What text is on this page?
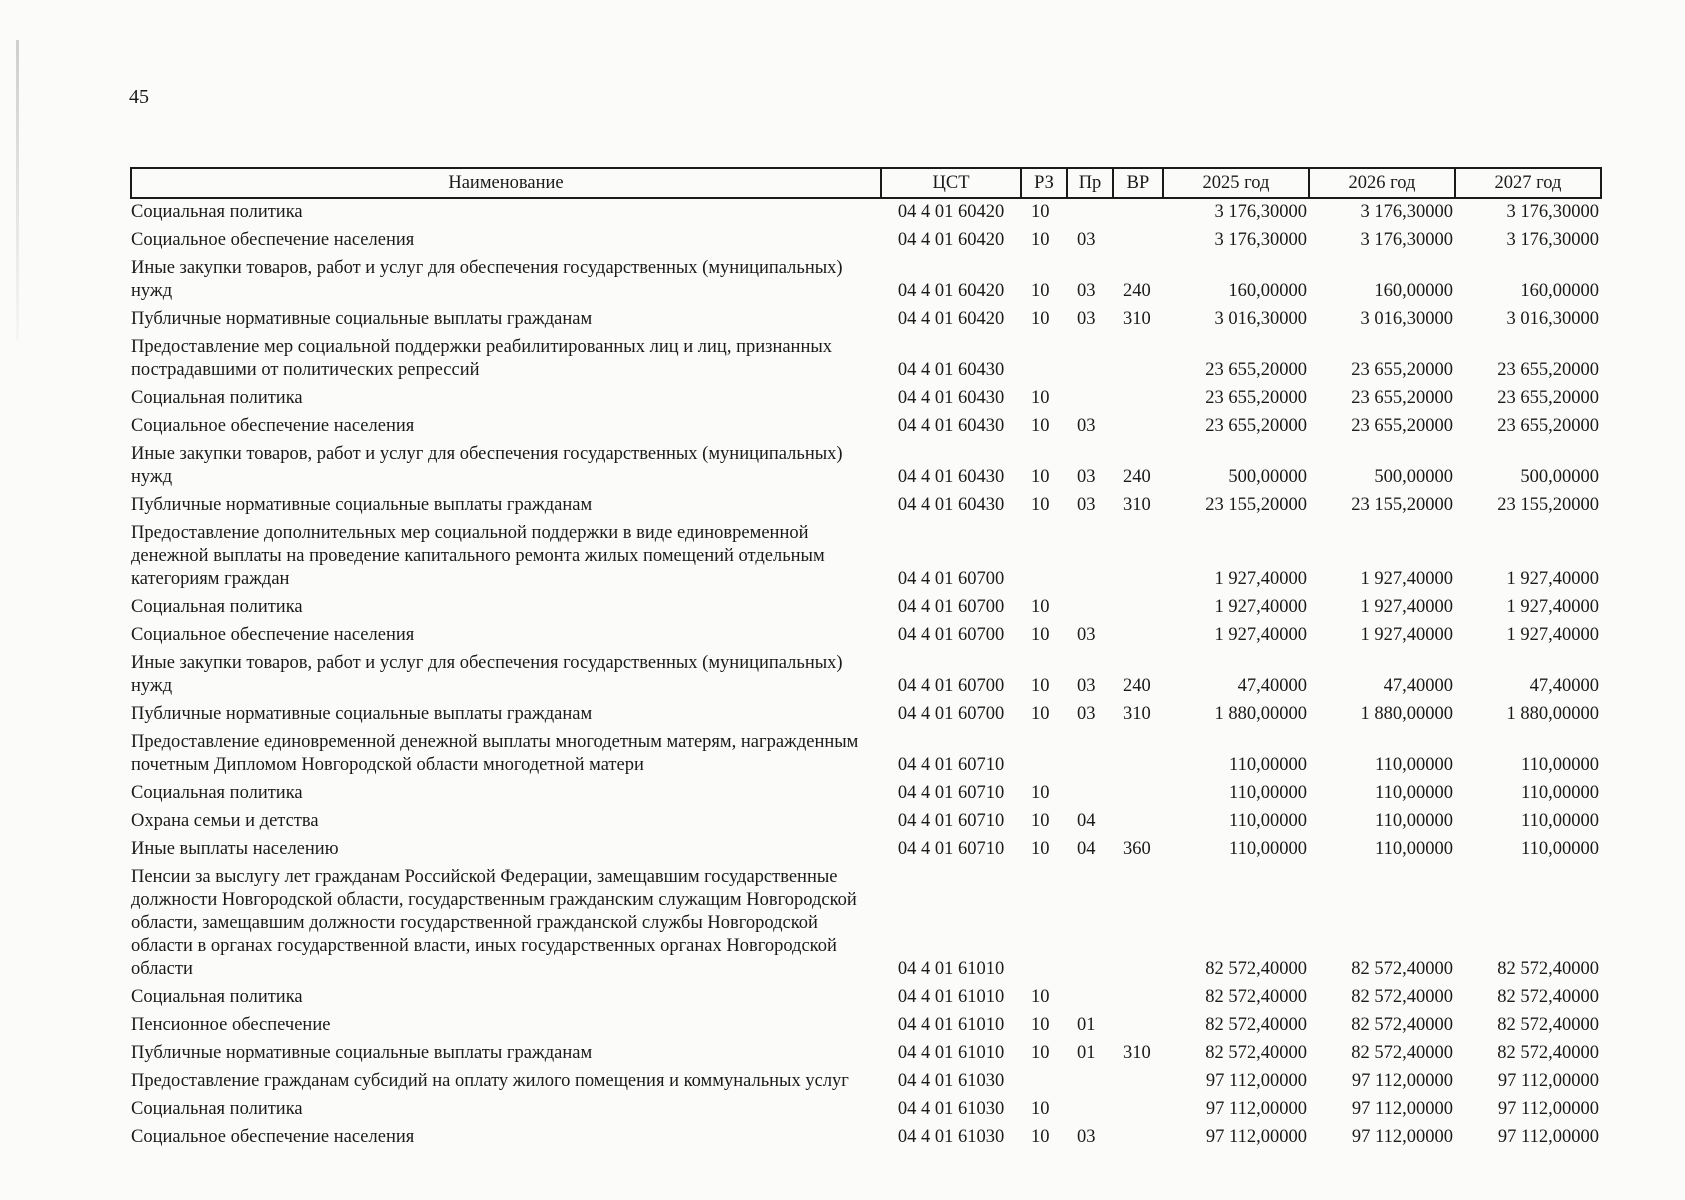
45
Наименование	ЦСТ	РЗ	Пр	ВР	2025 год	2026 год	2027 год
Социальная политика	04 4 01 60420	10			3 176,30000	3 176,30000	3 176,30000
Социальное обеспечение населения	04 4 01 60420	10	03		3 176,30000	3 176,30000	3 176,30000
Иные закупки товаров, работ и услуг для обеспечения государственных (муниципальных) нужд	04 4 01 60420	10	03	240	160,00000	160,00000	160,00000
Публичные нормативные социальные выплаты гражданам	04 4 01 60420	10	03	310	3 016,30000	3 016,30000	3 016,30000
Предоставление мер социальной поддержки реабилитированных лиц и лиц, признанных пострадавшими от политических репрессий	04 4 01 60430				23 655,20000	23 655,20000	23 655,20000
Социальная политика	04 4 01 60430	10			23 655,20000	23 655,20000	23 655,20000
Социальное обеспечение населения	04 4 01 60430	10	03		23 655,20000	23 655,20000	23 655,20000
Иные закупки товаров, работ и услуг для обеспечения государственных (муниципальных) нужд	04 4 01 60430	10	03	240	500,00000	500,00000	500,00000
Публичные нормативные социальные выплаты гражданам	04 4 01 60430	10	03	310	23 155,20000	23 155,20000	23 155,20000
Предоставление дополнительных мер социальной поддержки в виде единовременной денежной выплаты на проведение капитального ремонта жилых помещений отдельным категориям граждан	04 4 01 60700				1 927,40000	1 927,40000	1 927,40000
Социальная политика	04 4 01 60700	10			1 927,40000	1 927,40000	1 927,40000
Социальное обеспечение населения	04 4 01 60700	10	03		1 927,40000	1 927,40000	1 927,40000
Иные закупки товаров, работ и услуг для обеспечения государственных (муниципальных) нужд	04 4 01 60700	10	03	240	47,40000	47,40000	47,40000
Публичные нормативные социальные выплаты гражданам	04 4 01 60700	10	03	310	1 880,00000	1 880,00000	1 880,00000
Предоставление единовременной денежной выплаты многодетным матерям, награжденным почетным Дипломом Новгородской области многодетной матери	04 4 01 60710				110,00000	110,00000	110,00000
Социальная политика	04 4 01 60710	10			110,00000	110,00000	110,00000
Охрана семьи и детства	04 4 01 60710	10	04		110,00000	110,00000	110,00000
Иные выплаты населению	04 4 01 60710	10	04	360	110,00000	110,00000	110,00000
Пенсии за выслугу лет гражданам Российской Федерации, замещавшим государственные должности Новгородской области, государственным гражданским служащим Новгородской области, замещавшим должности государственной гражданской службы Новгородской области в органах государственной власти, иных государственных органах Новгородской области	04 4 01 61010				82 572,40000	82 572,40000	82 572,40000
Социальная политика	04 4 01 61010	10			82 572,40000	82 572,40000	82 572,40000
Пенсионное обеспечение	04 4 01 61010	10	01		82 572,40000	82 572,40000	82 572,40000
Публичные нормативные социальные выплаты гражданам	04 4 01 61010	10	01	310	82 572,40000	82 572,40000	82 572,40000
Предоставление гражданам субсидий на оплату жилого помещения и коммунальных услуг	04 4 01 61030				97 112,00000	97 112,00000	97 112,00000
Социальная политика	04 4 01 61030	10			97 112,00000	97 112,00000	97 112,00000
Социальное обеспечение населения	04 4 01 61030	10	03		97 112,00000	97 112,00000	97 112,00000
